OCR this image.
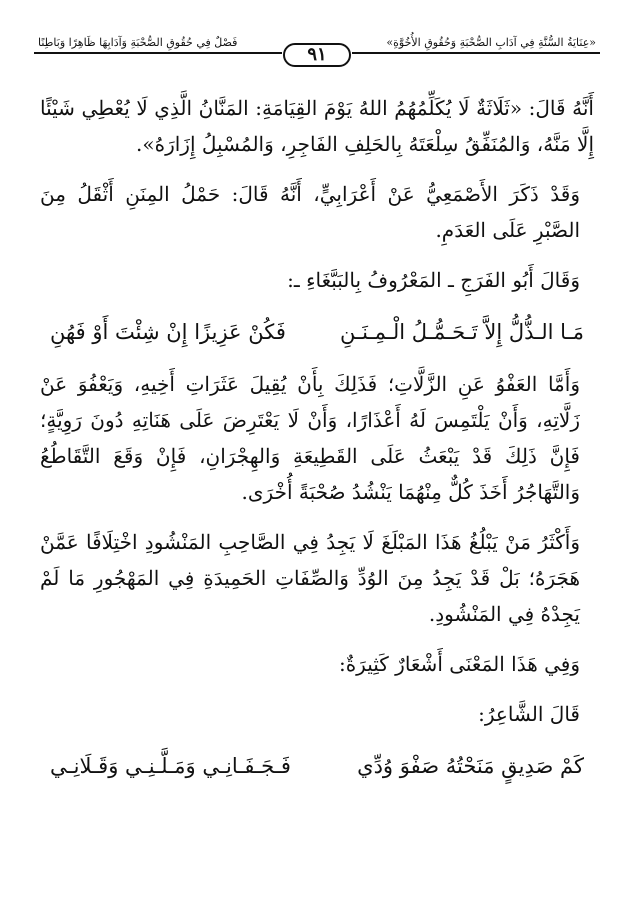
«عِنَايَةُ السُّنَّةِ فِي آدَابِ الصُّحْبَةِ وَحُقُوقِ الأُخُوَّةِ»
فَصْلٌ فِي حُقُوقِ الصُّحْبَةِ وَآدَابِهَا ظَاهِرًا وَبَاطِنًا
٩١

أَنَّهُ قَالَ: «ثَلَاثَةٌ لَا يُكَلِّمُهُمُ اللهُ يَوْمَ القِيَامَةِ: المَنَّانُ الَّذِي لَا يُعْطِي شَيْئًا إِلَّا مَنَّهُ، وَالمُنَفِّقُ سِلْعَتَهُ بِالحَلِفِ الفَاجِرِ، وَالمُسْبِلُ إِزَارَهُ».

وَقَدْ ذَكَرَ الأَصْمَعِيُّ عَنْ أَعْرَابِيٍّ، أَنَّهُ قَالَ: حَمْلُ المِنَنِ أَثْقَلُ مِنَ الصَّبْرِ عَلَى العَدَمِ.

وَقَالَ أَبُو الفَرَجِ ـ المَعْرُوفُ بِالبَبَّغَاءِ ـ:

مَـا الـذُّلُّ إِلاَّ تَـحَـمُّـلُ الْـمِـنَـنِ
فَكُنْ عَزِيزًا إِنْ شِئْتَ أَوْ فَهُنِ

وَأَمَّا العَفْوُ عَنِ الزَّلَّاتِ؛ فَذَلِكَ بِأَنْ يُقِيلَ عَثَرَاتِ أَخِيهِ، وَيَعْفُوَ عَنْ زَلَّاتِهِ، وَأَنْ يَلْتَمِسَ لَهُ أَعْذَارًا، وَأَنْ لَا يَعْتَرِضَ عَلَى هَنَاتِهِ دُونَ رَوِيَّةٍ؛ فَإِنَّ ذَلِكَ قَدْ يَبْعَثُ عَلَى القَطِيعَةِ وَالهِجْرَانِ، فَإِنْ وَقَعَ التَّقَاطُعُ وَالتَّهَاجُرُ أَخَذَ كُلٌّ مِنْهُمَا يَنْشُدُ صُحْبَةً أُخْرَى.

وَأَكْثَرُ مَنْ يَبْلُغُ هَذَا المَبْلَغَ لَا يَجِدُ فِي الصَّاحِبِ المَنْشُودِ اخْتِلَافًا عَمَّنْ هَجَرَهُ؛ بَلْ قَدْ يَجِدُ مِنَ الوُدِّ وَالصِّفَاتِ الحَمِيدَةِ فِي المَهْجُورِ مَا لَمْ يَجِدْهُ فِي المَنْشُودِ.

وَفِي هَذَا المَعْنَى أَشْعَارٌ كَثِيرَةٌ:

قَالَ الشَّاعِرُ:

كَمْ صَدِيقٍ مَنَحْتُهُ صَفْوَ وُدِّي
فَـجَـفَـانِـي وَمَـلَّـنِـي وَقَـلَانِـي
